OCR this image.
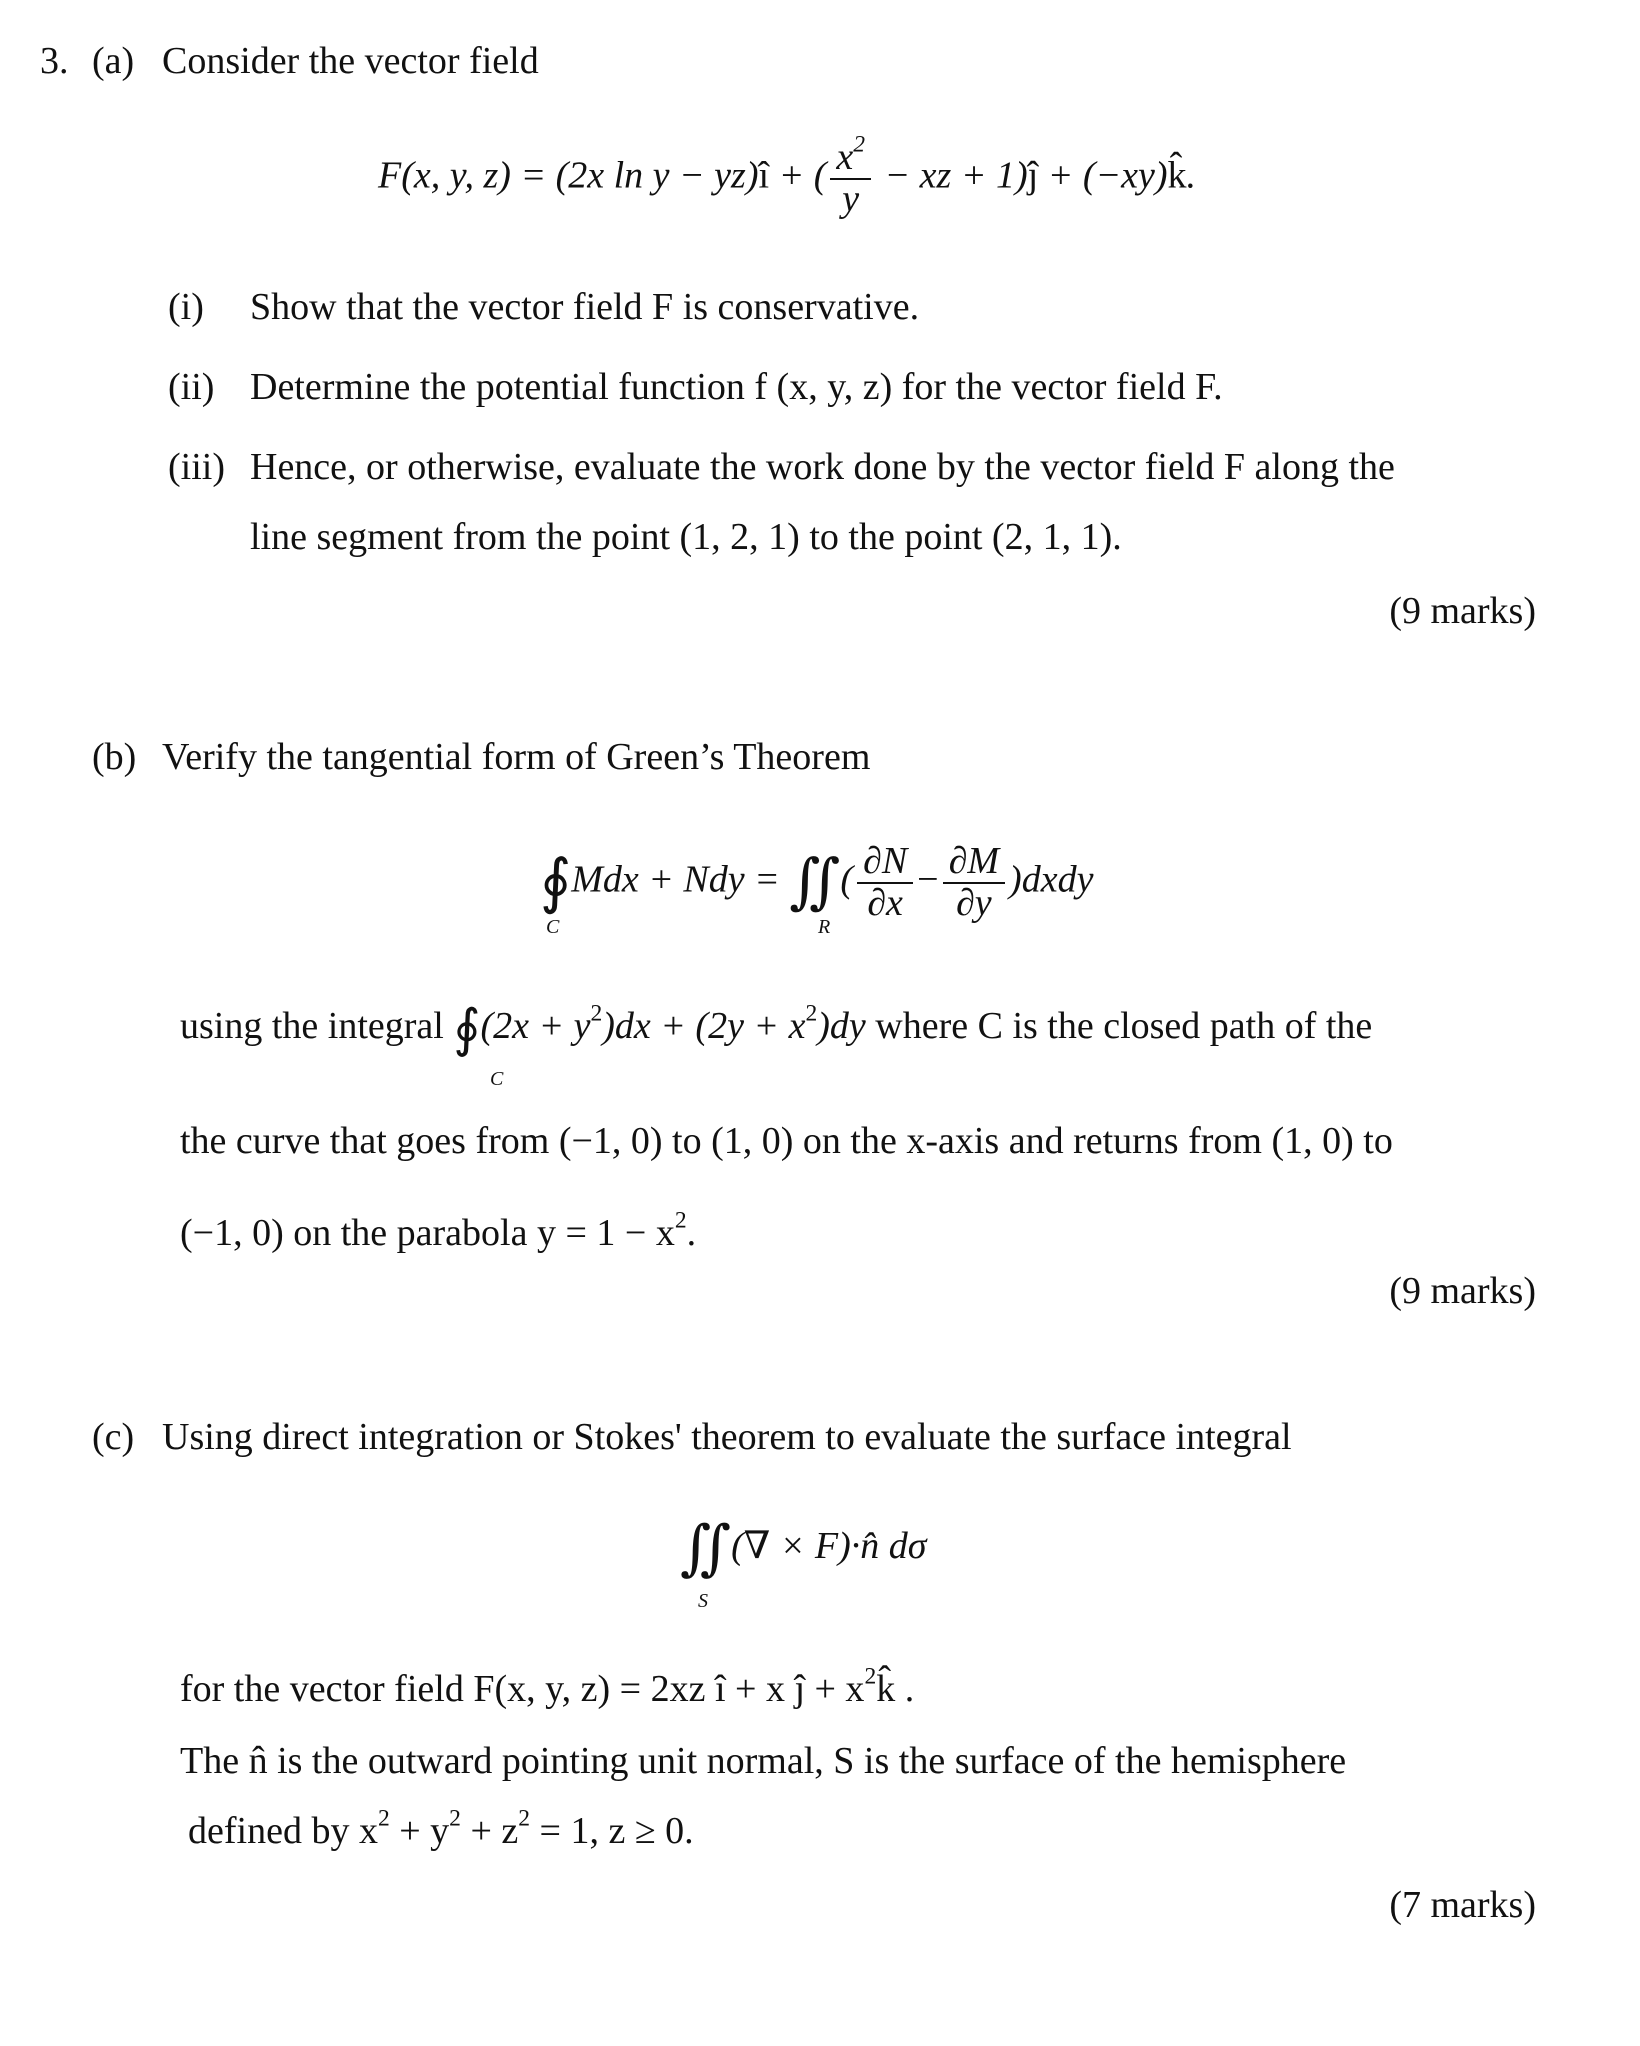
3. (a) Consider the vector field
F(x, y, z) = (2x ln y − yz)î + ( $\frac{x^2}{y}$ − xz + 1)ĵ + (−xy)k̂.
(i) Show that the vector field F is conservative.
(ii) Determine the potential function f (x, y, z) for the vector field F.
(iii) Hence, or otherwise, evaluate the work done by the vector field F along the
line segment from the point (1, 2, 1) to the point (2, 1, 1).
(9 marks)
(b) Verify the tangential form of Green’s Theorem
∮Mdx + Ndy = ∬( $\frac{\partial N}{\partial x} - \frac{\partial M}{\partial y}$ )dxdy
C	R
using the integral ∮(2x + $y^2)dx + (2y + x^2)dy$ where C is the closed path of the
C
the curve that goes from (−1, 0) to (1, 0) on the x-axis and returns from (1, 0) to
(−1, 0) on the parabola $y = 1 - x^2$.
(9 marks)
(c) Using direct integration or Stokes' theorem to evaluate the surface integral
∬(∇ × F)·n̂ dσ
S
for the vector field F(x, y, z) = 2xz î + x ĵ + $x^2k̂$ .
The n̂ is the outward pointing unit normal, S is the surface of the hemisphere
defined by $x^2 + y^2 + z^2 = 1$, z ≥ 0.
(7 marks)
